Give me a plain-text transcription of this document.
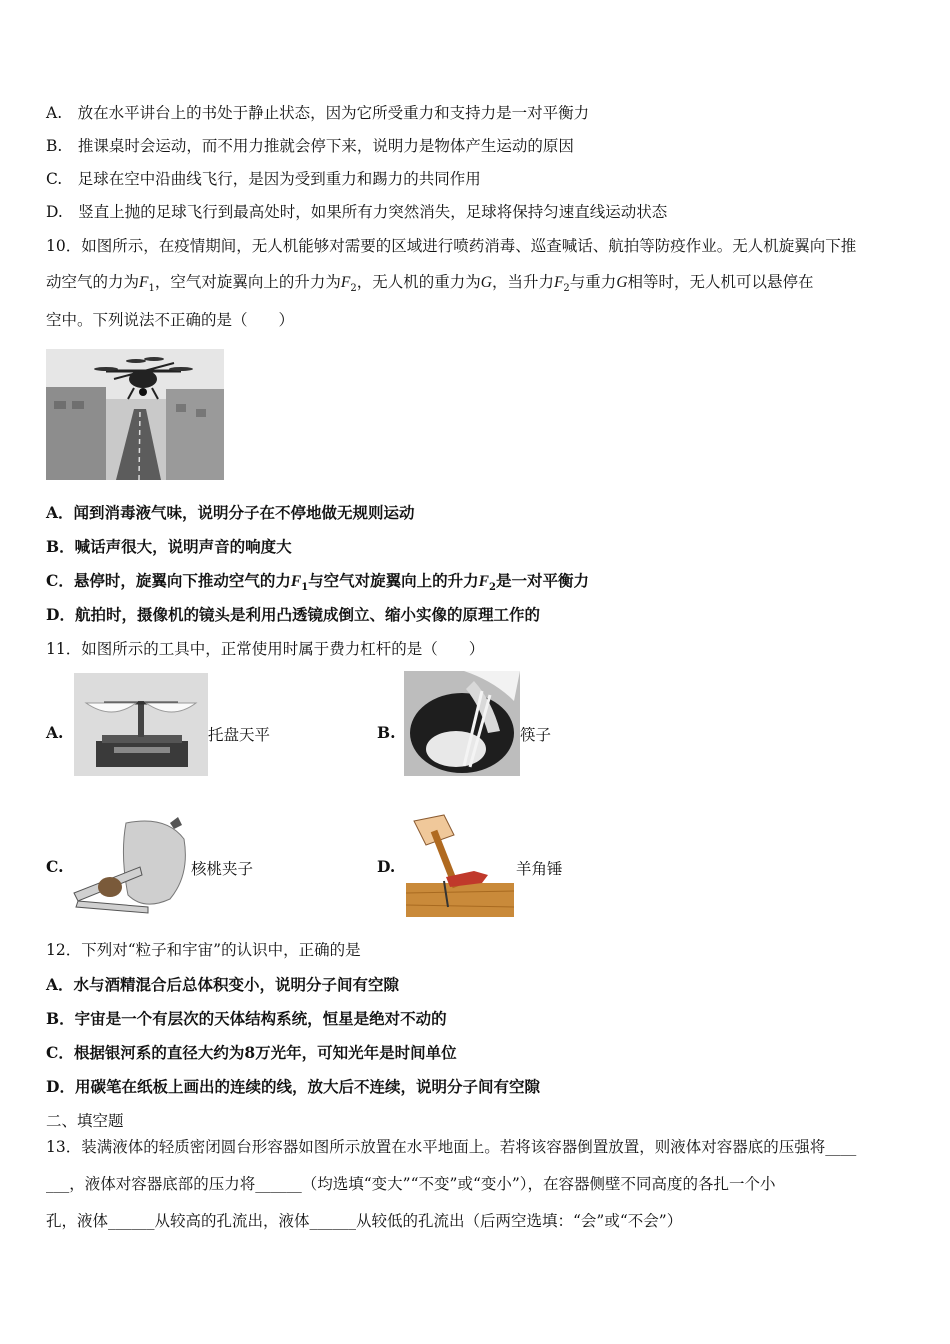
A.　放在水平讲台上的书处于静止状态，因为它所受重力和支持力是一对平衡力
B.　推课桌时会运动，而不用力推就会停下来，说明力是物体产生运动的原因
C.　足球在空中沿曲线飞行，是因为受到重力和踢力的共同作用
D.　竖直上抛的足球飞行到最高处时，如果所有力突然消失，足球将保持匀速直线运动状态
10．如图所示，在疫情期间，无人机能够对需要的区域进行喷药消毒、巡查喊话、航拍等防疫作业。无人机旋翼向下推
动空气的力为$F_1$，空气对旋翼向上的升力为$F_2$，无人机的重力为G，当升力$F_2$与重力G相等时，无人机可以悬停在
空中。下列说法不正确的是（　　）
A．闻到消毒液气味，说明分子在不停地做无规则运动
B．喊话声很大，说明声音的响度大
C．悬停时，旋翼向下推动空气的力$F_1$与空气对旋翼向上的升力$F_2$是一对平衡力
D．航拍时，摄像机的镜头是利用凸透镜成倒立、缩小实像的原理工作的
11．如图所示的工具中，正常使用时属于费力杠杆的是（　　）
A.	托盘天平	B.	筷子
C.	核桃夹子	D.	羊角锤
12．下列对“粒子和宇宙”的认识中，正确的是
A．水与酒精混合后总体积变小，说明分子间有空隙
B．宇宙是一个有层次的天体结构系统，恒星是绝对不动的
C．根据银河系的直径大约为8万光年，可知光年是时间单位
D．用碳笔在纸板上画出的连续的线，放大后不连续，说明分子间有空隙
二、填空题
13．装满液体的轻质密闭圆台形容器如图所示放置在水平地面上。若将该容器倒置放置，则液体对容器底的压强将____
___，液体对容器底部的压力将______（均选填“变大”“不变”或“变小”），在容器侧壁不同高度的各扎一个小
孔，液体______从较高的孔流出，液体______从较低的孔流出（后两空选填：“会”或“不会”）
